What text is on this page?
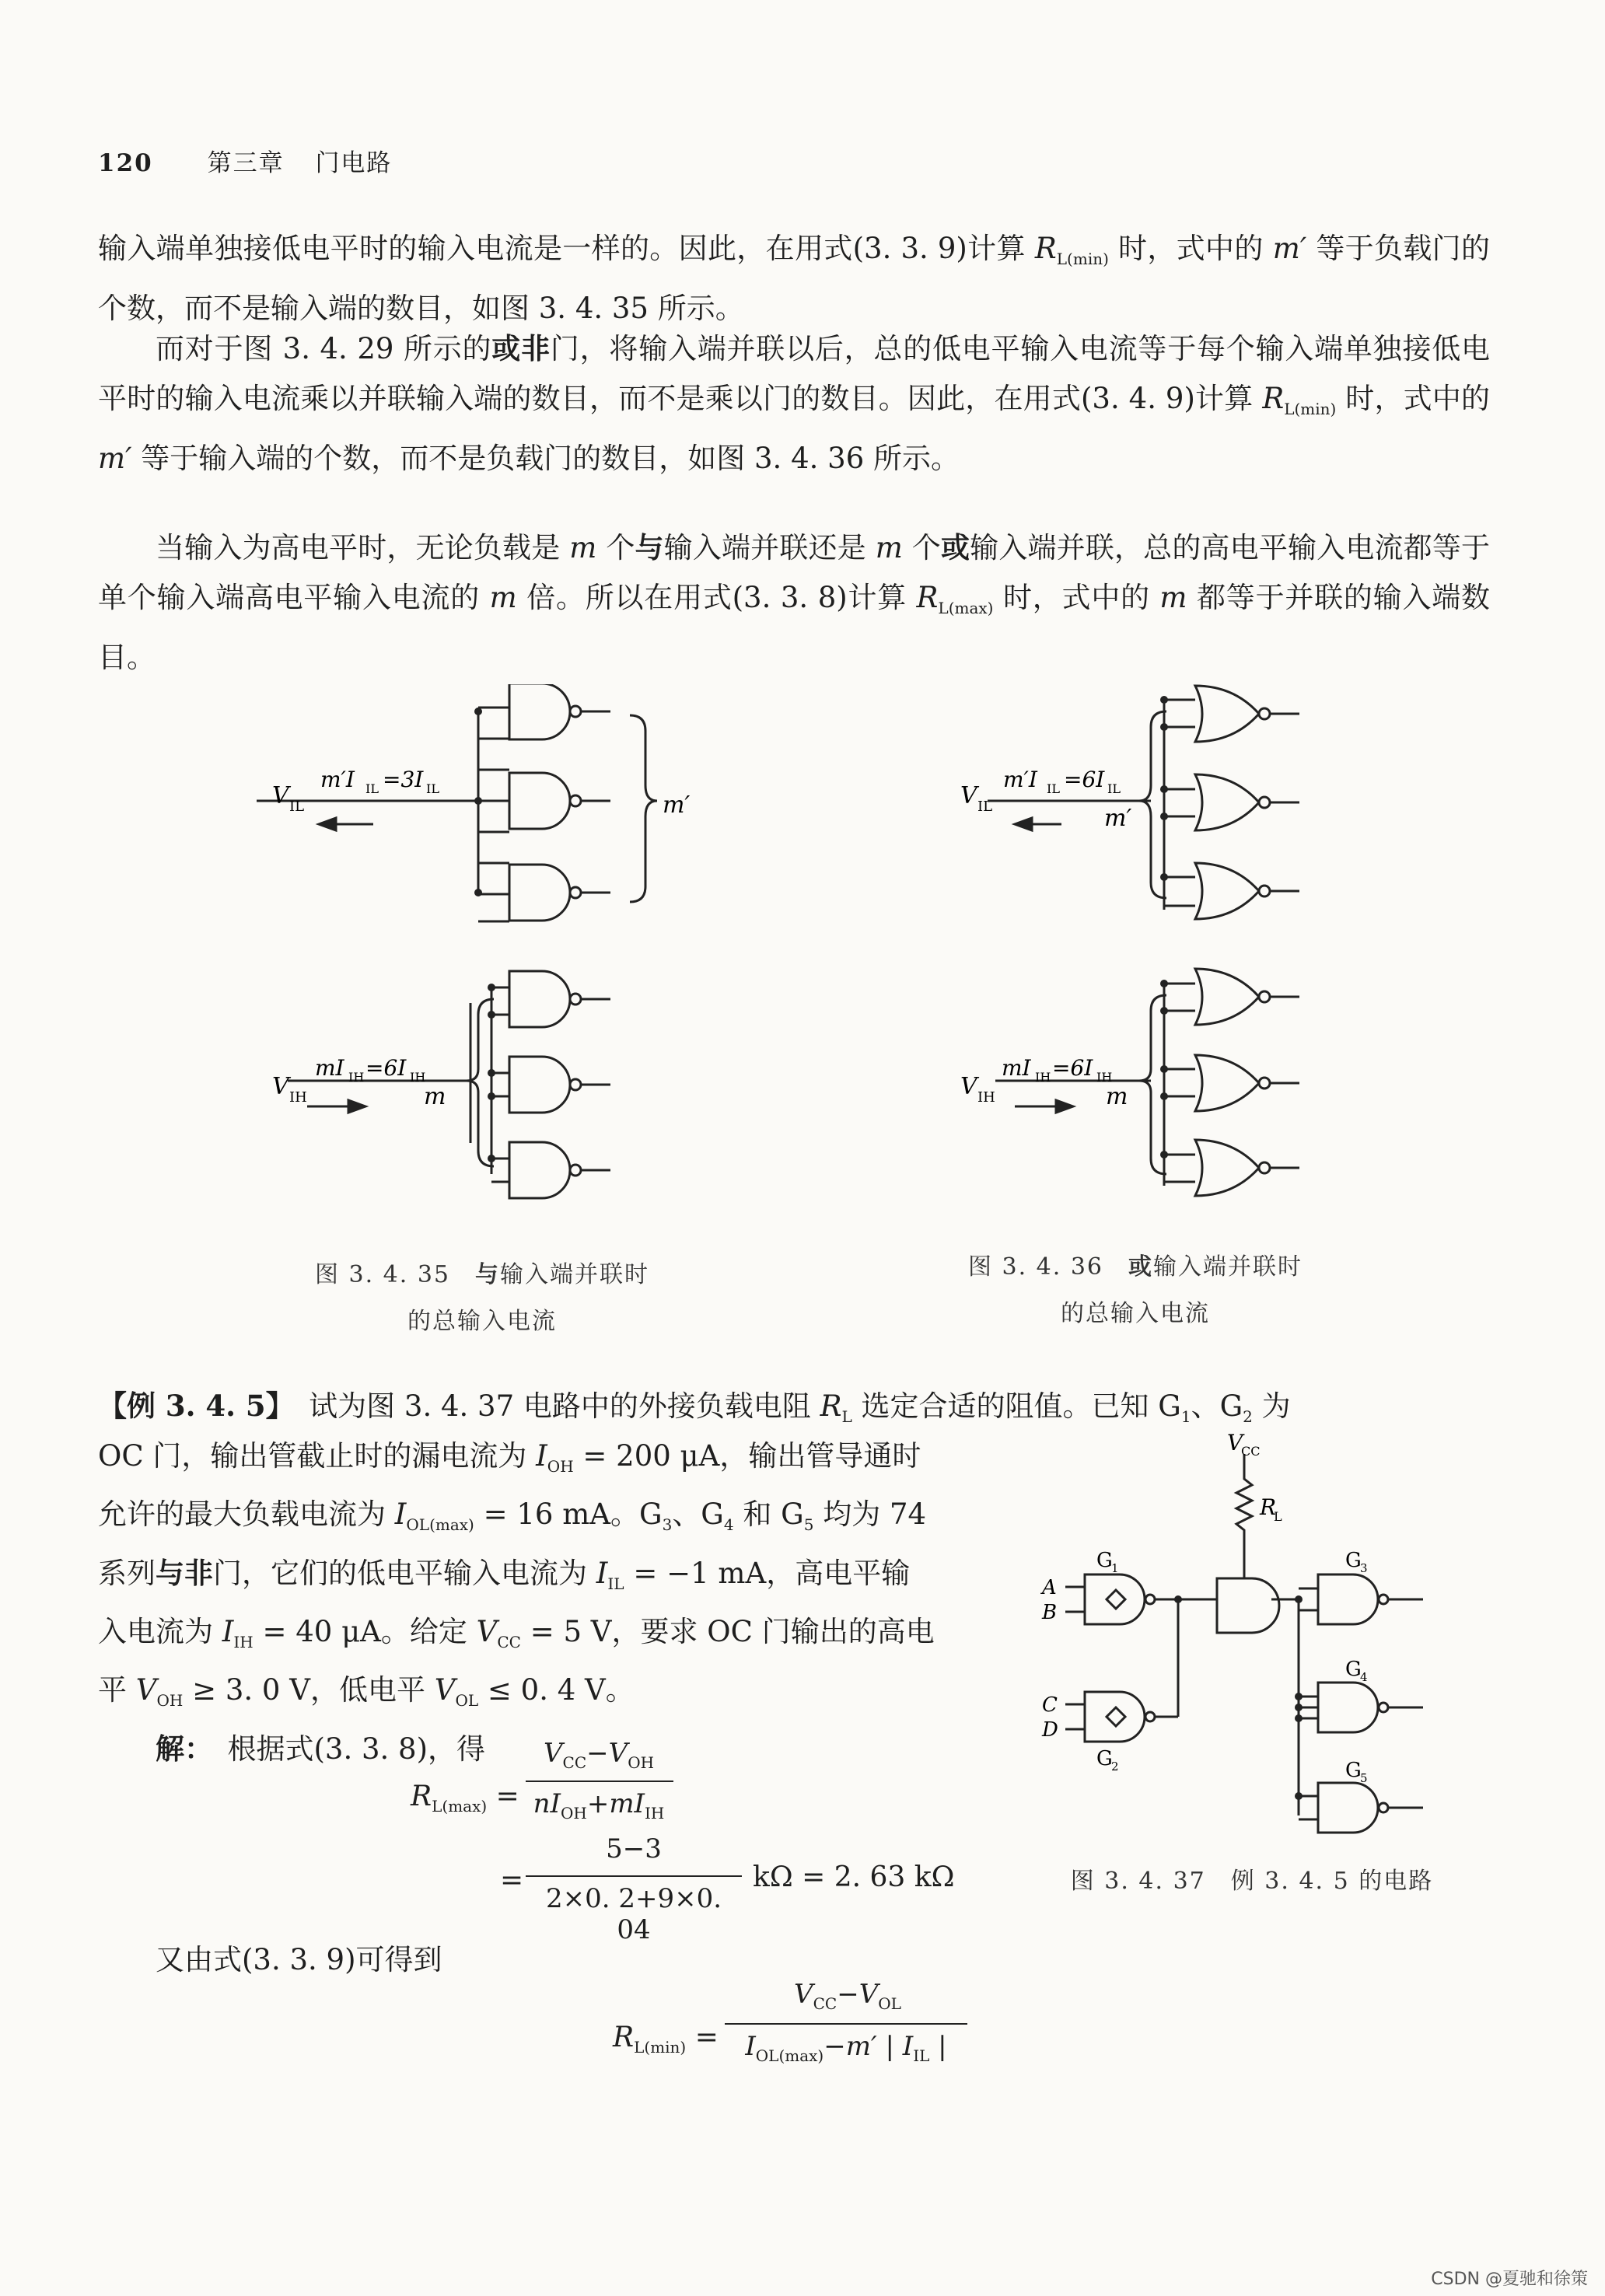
120 第三章 门电路

输入端单独接低电平时的输入电流是一样的。因此，在用式(3. 3. 9)计算 $R_{L(min)}$ 时，式中的 m′ 等于负载门的个数，而不是输入端的数目，如图 3. 4. 35 所示。

而对于图 3. 4. 29 所示的或非门，将输入端并联以后，总的低电平输入电流等于每个输入端单独接低电平时的输入电流乘以并联输入端的数目，而不是乘以门的数目。因此，在用式(3. 4. 9)计算 $R_{L(min)}$ 时，式中的 m′ 等于输入端的个数，而不是负载门的数目，如图 3. 4. 36 所示。

当输入为高电平时，无论负载是 m 个与输入端并联还是 m 个或输入端并联，总的高电平输入电流都等于单个输入端高电平输入电流的 m 倍。所以在用式(3. 3. 8)计算 $R_{L(max)}$ 时，式中的 m 都等于并联的输入端数目。

V IL
m′I IL =3I IL
m′
V IH
mI IH =6I IH
m
V IL
m′I IL =6I IL
m′
V IH
mI IH =6I IH
m
图 3. 4. 35　 与输入端并联时
的总输入电流
图 3. 4. 36　 或输入端并联时
的总输入电流

【例 3. 4. 5】　 试为图 3. 4. 37 电路中的外接负载电阻 $R_L$ 选定合适的阻值。已知 $G_1$、$G_2$ 为

OC 门，输出管截止时的漏电流为 $I_{OH} = 200$ μA，输出管导通时
允许的最大负载电流为 $I_{OL(max)} = 16$ mA。$G_3$、$G_4$ 和 $G_5$ 均为 74
系列与非门，它们的低电平输入电流为 $I_{IL} = -1$ mA，高电平输
入电流为 $I_{IH} = 40$ μA。给定 $V_{CC} = 5$ V，要求 OC 门输出的高电
平 $V_{OH} \ge 3$. 0 V，低电平 $V_{OL} \le 0$. 4 V。
解：　 根据式(3. 3. 8)，得
$R_{L(max)}$ =
$V_{CC}-V_{OH}$
$nI_{OH}+mI_{IH}$
=
5−3
2×0. 2+9×0. 04
kΩ = 2. 63 kΩ
又由式(3. 3. 9)可得到
$R_{L(min)}$ =
$V_{CC}-V_{OL}$
$I_{OL(max)}-m'$ | $I_{IL}$ |
V
CC
R
L
G
1
G
2
G
3
G
4
G
5
A
B
C
D
图 3. 4. 37　例 3. 4. 5 的电路
CSDN @夏驰和徐策
